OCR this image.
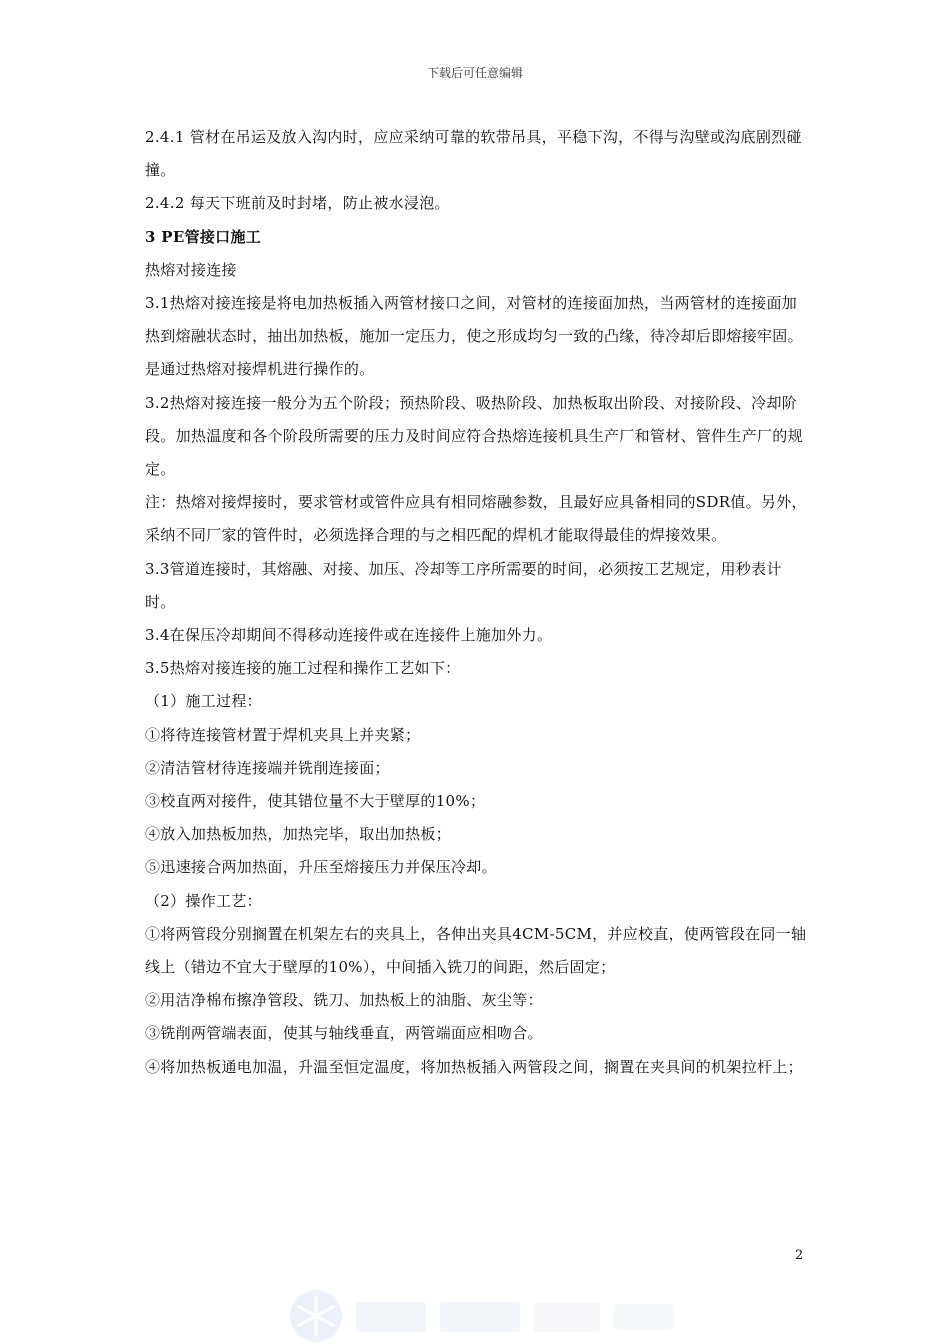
下载后可任意编辑

2.4.1 管材在吊运及放入沟内时，应应采纳可靠的软带吊具，平稳下沟，不得与沟壁或沟底剧烈碰撞。

2.4.2 每天下班前及时封堵，防止被水浸泡。

3 PE管接口施工

热熔对接连接

3.1热熔对接连接是将电加热板插入两管材接口之间，对管材的连接面加热，当两管材的连接面加热到熔融状态时，抽出加热板，施加一定压力，使之形成均匀一致的凸缘，待冷却后即熔接牢固。是通过热熔对接焊机进行操作的。

3.2热熔对接连接一般分为五个阶段；预热阶段、吸热阶段、加热板取出阶段、对接阶段、冷却阶段。加热温度和各个阶段所需要的压力及时间应符合热熔连接机具生产厂和管材、管件生产厂的规定。

注：热熔对接焊接时，要求管材或管件应具有相同熔融参数，且最好应具备相同的SDR值。另外，采纳不同厂家的管件时，必须选择合理的与之相匹配的焊机才能取得最佳的焊接效果。

3.3管道连接时，其熔融、对接、加压、冷却等工序所需要的时间，必须按工艺规定，用秒表计时。

3.4在保压冷却期间不得移动连接件或在连接件上施加外力。

3.5热熔对接连接的施工过程和操作工艺如下：

（1）施工过程：

①将待连接管材置于焊机夹具上并夹紧；

②清洁管材待连接端并铣削连接面；

③校直两对接件，使其错位量不大于壁厚的10%；

④放入加热板加热，加热完毕，取出加热板；

⑤迅速接合两加热面，升压至熔接压力并保压冷却。

（2）操作工艺：

①将两管段分别搁置在机架左右的夹具上，各伸出夹具4CM-5CM，并应校直，使两管段在同一轴线上（错边不宜大于壁厚的10%），中间插入铣刀的间距，然后固定；

②用洁净棉布擦净管段、铣刀、加热板上的油脂、灰尘等：

③铣削两管端表面，使其与轴线垂直，两管端面应相吻合。

④将加热板通电加温，升温至恒定温度，将加热板插入两管段之间，搁置在夹具间的机架拉杆上；

2
